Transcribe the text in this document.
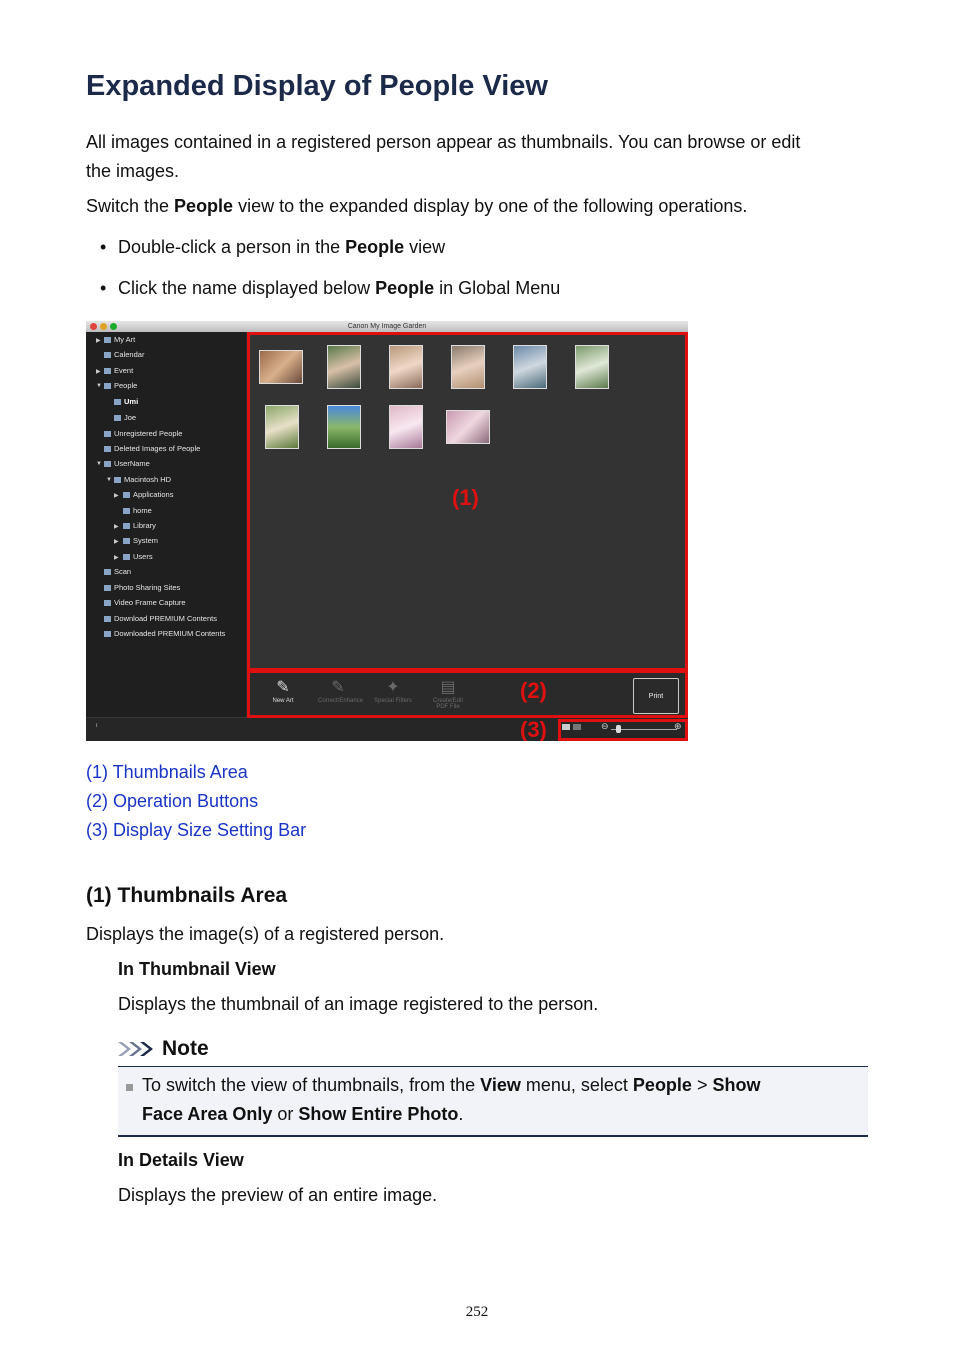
Expanded Display of People View

All images contained in a registered person appear as thumbnails. You can browse or edit
the images.

Switch the People view to the expanded display by one of the following operations.

• Double-click a person in the People view
• Click the name displayed below People in Global Menu
Canon My Image Garden
▶	My Art
Calendar
▶	Event
▼	People
Umi
Joe
Unregistered People
Deleted Images of People
▼	UserName
▼	Macintosh HD
▶	Applications
home
▶	Library
▶	System
▶	Users
Scan
Photo Sharing Sites
Video Frame Capture
Download PREMIUM Contents
Downloaded PREMIUM Contents
✎
New Art
✎
Correct/Enhance
✦
Special Filters
▤
Create/Edit PDF File
Print
ⁱ	⊖	⊕
(1)
(2)
(3)
(1) Thumbnails Area
(2) Operation Buttons
(3) Display Size Setting Bar
(1) Thumbnails Area
Displays the image(s) of a registered person.
In Thumbnail View
Displays the thumbnail of an image registered to the person.
Note
To switch the view of thumbnails, from the View menu, select People > Show
Face Area Only or Show Entire Photo.
In Details View
Displays the preview of an entire image.
252
